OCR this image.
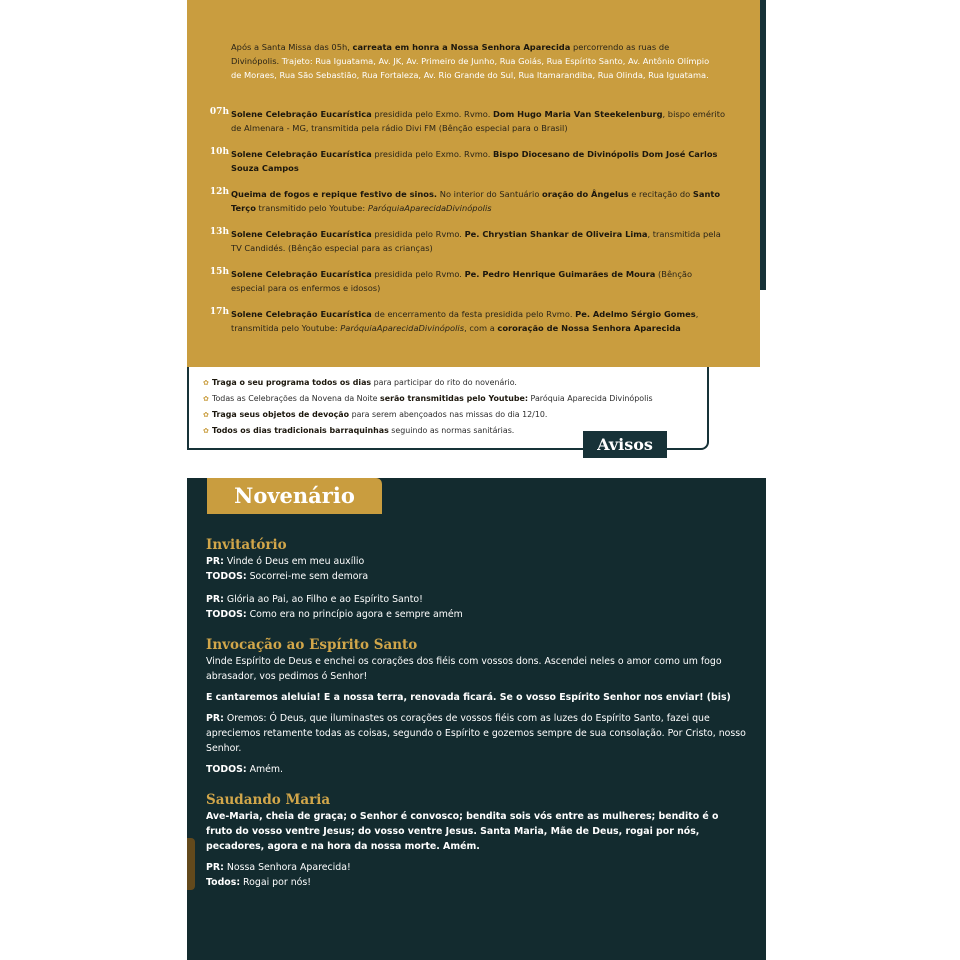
Após a Santa Missa das 05h, carreata em honra a Nossa Senhora Aparecida percorrendo as ruas de Divinópolis. Trajeto: Rua Iguatama, Av. JK, Av. Primeiro de Junho, Rua Goiás, Rua Espírito Santo, Av. Antônio Olímpio de Moraes, Rua São Sebastião, Rua Fortaleza, Av. Rio Grande do Sul, Rua Itamarandiba, Rua Olinda, Rua Iguatama.
07h Solene Celebração Eucarística presidida pelo Exmo. Rvmo. Dom Hugo Maria Van Steekelenburg, bispo emérito de Almenara - MG, transmitida pela rádio Divi FM (Bênção especial para o Brasil)
10h Solene Celebração Eucarística presidida pelo Exmo. Rvmo. Bispo Diocesano de Divinópolis Dom José Carlos Souza Campos
12h Queima de fogos e repique festivo de sinos. No interior do Santuário oração do Ângelus e recitação do Santo Terço transmitido pelo Youtube: ParóquiaAparecidaDivinópolis
13h Solene Celebração Eucarística presidida pelo Rvmo. Pe. Chrystian Shankar de Oliveira Lima, transmitida pela TV Candidés. (Bênção especial para as crianças)
15h Solene Celebração Eucarística presidida pelo Rvmo. Pe. Pedro Henrique Guimarães de Moura (Bênção especial para os enfermos e idosos)
17h Solene Celebração Eucarística de encerramento da festa presidida pelo Rvmo. Pe. Adelmo Sérgio Gomes, transmitida pelo Youtube: ParóquiaAparecidaDivinópolis, com a cororação de Nossa Senhora Aparecida
✿ Traga o seu programa todos os dias para participar do rito do novenário.
✿ Todas as Celebrações da Novena da Noite serão transmitidas pelo Youtube: Paróquia Aparecida Divinópolis
✿ Traga seus objetos de devoção para serem abençoados nas missas do dia 12/10.
✿ Todos os dias tradicionais barraquinhas seguindo as normas sanitárias.
Avisos
Novenário
Invitatório

PR: Vinde ó Deus em meu auxílio

TODOS: Socorrei-me sem demora

PR: Glória ao Pai, ao Filho e ao Espírito Santo!

TODOS: Como era no princípio agora e sempre amém

Invocação ao Espírito Santo

Vinde Espírito de Deus e enchei os corações dos fiéis com vossos dons. Ascendei neles o amor como um fogo abrasador, vos pedimos ó Senhor!

E cantaremos aleluia! E a nossa terra, renovada ficará. Se o vosso Espírito Senhor nos enviar! (bis)

PR: Oremos: Ó Deus, que iluminastes os corações de vossos fiéis com as luzes do Espírito Santo, fazei que apreciemos retamente todas as coisas, segundo o Espírito e gozemos sempre de sua consolação. Por Cristo, nosso Senhor.

TODOS: Amém.

Saudando Maria

Ave-Maria, cheia de graça; o Senhor é convosco; bendita sois vós entre as mulheres; bendito é o fruto do vosso ventre Jesus; do vosso ventre Jesus. Santa Maria, Mãe de Deus, rogai por nós, pecadores, agora e na hora da nossa morte. Amém.

PR: Nossa Senhora Aparecida!

Todos: Rogai por nós!
